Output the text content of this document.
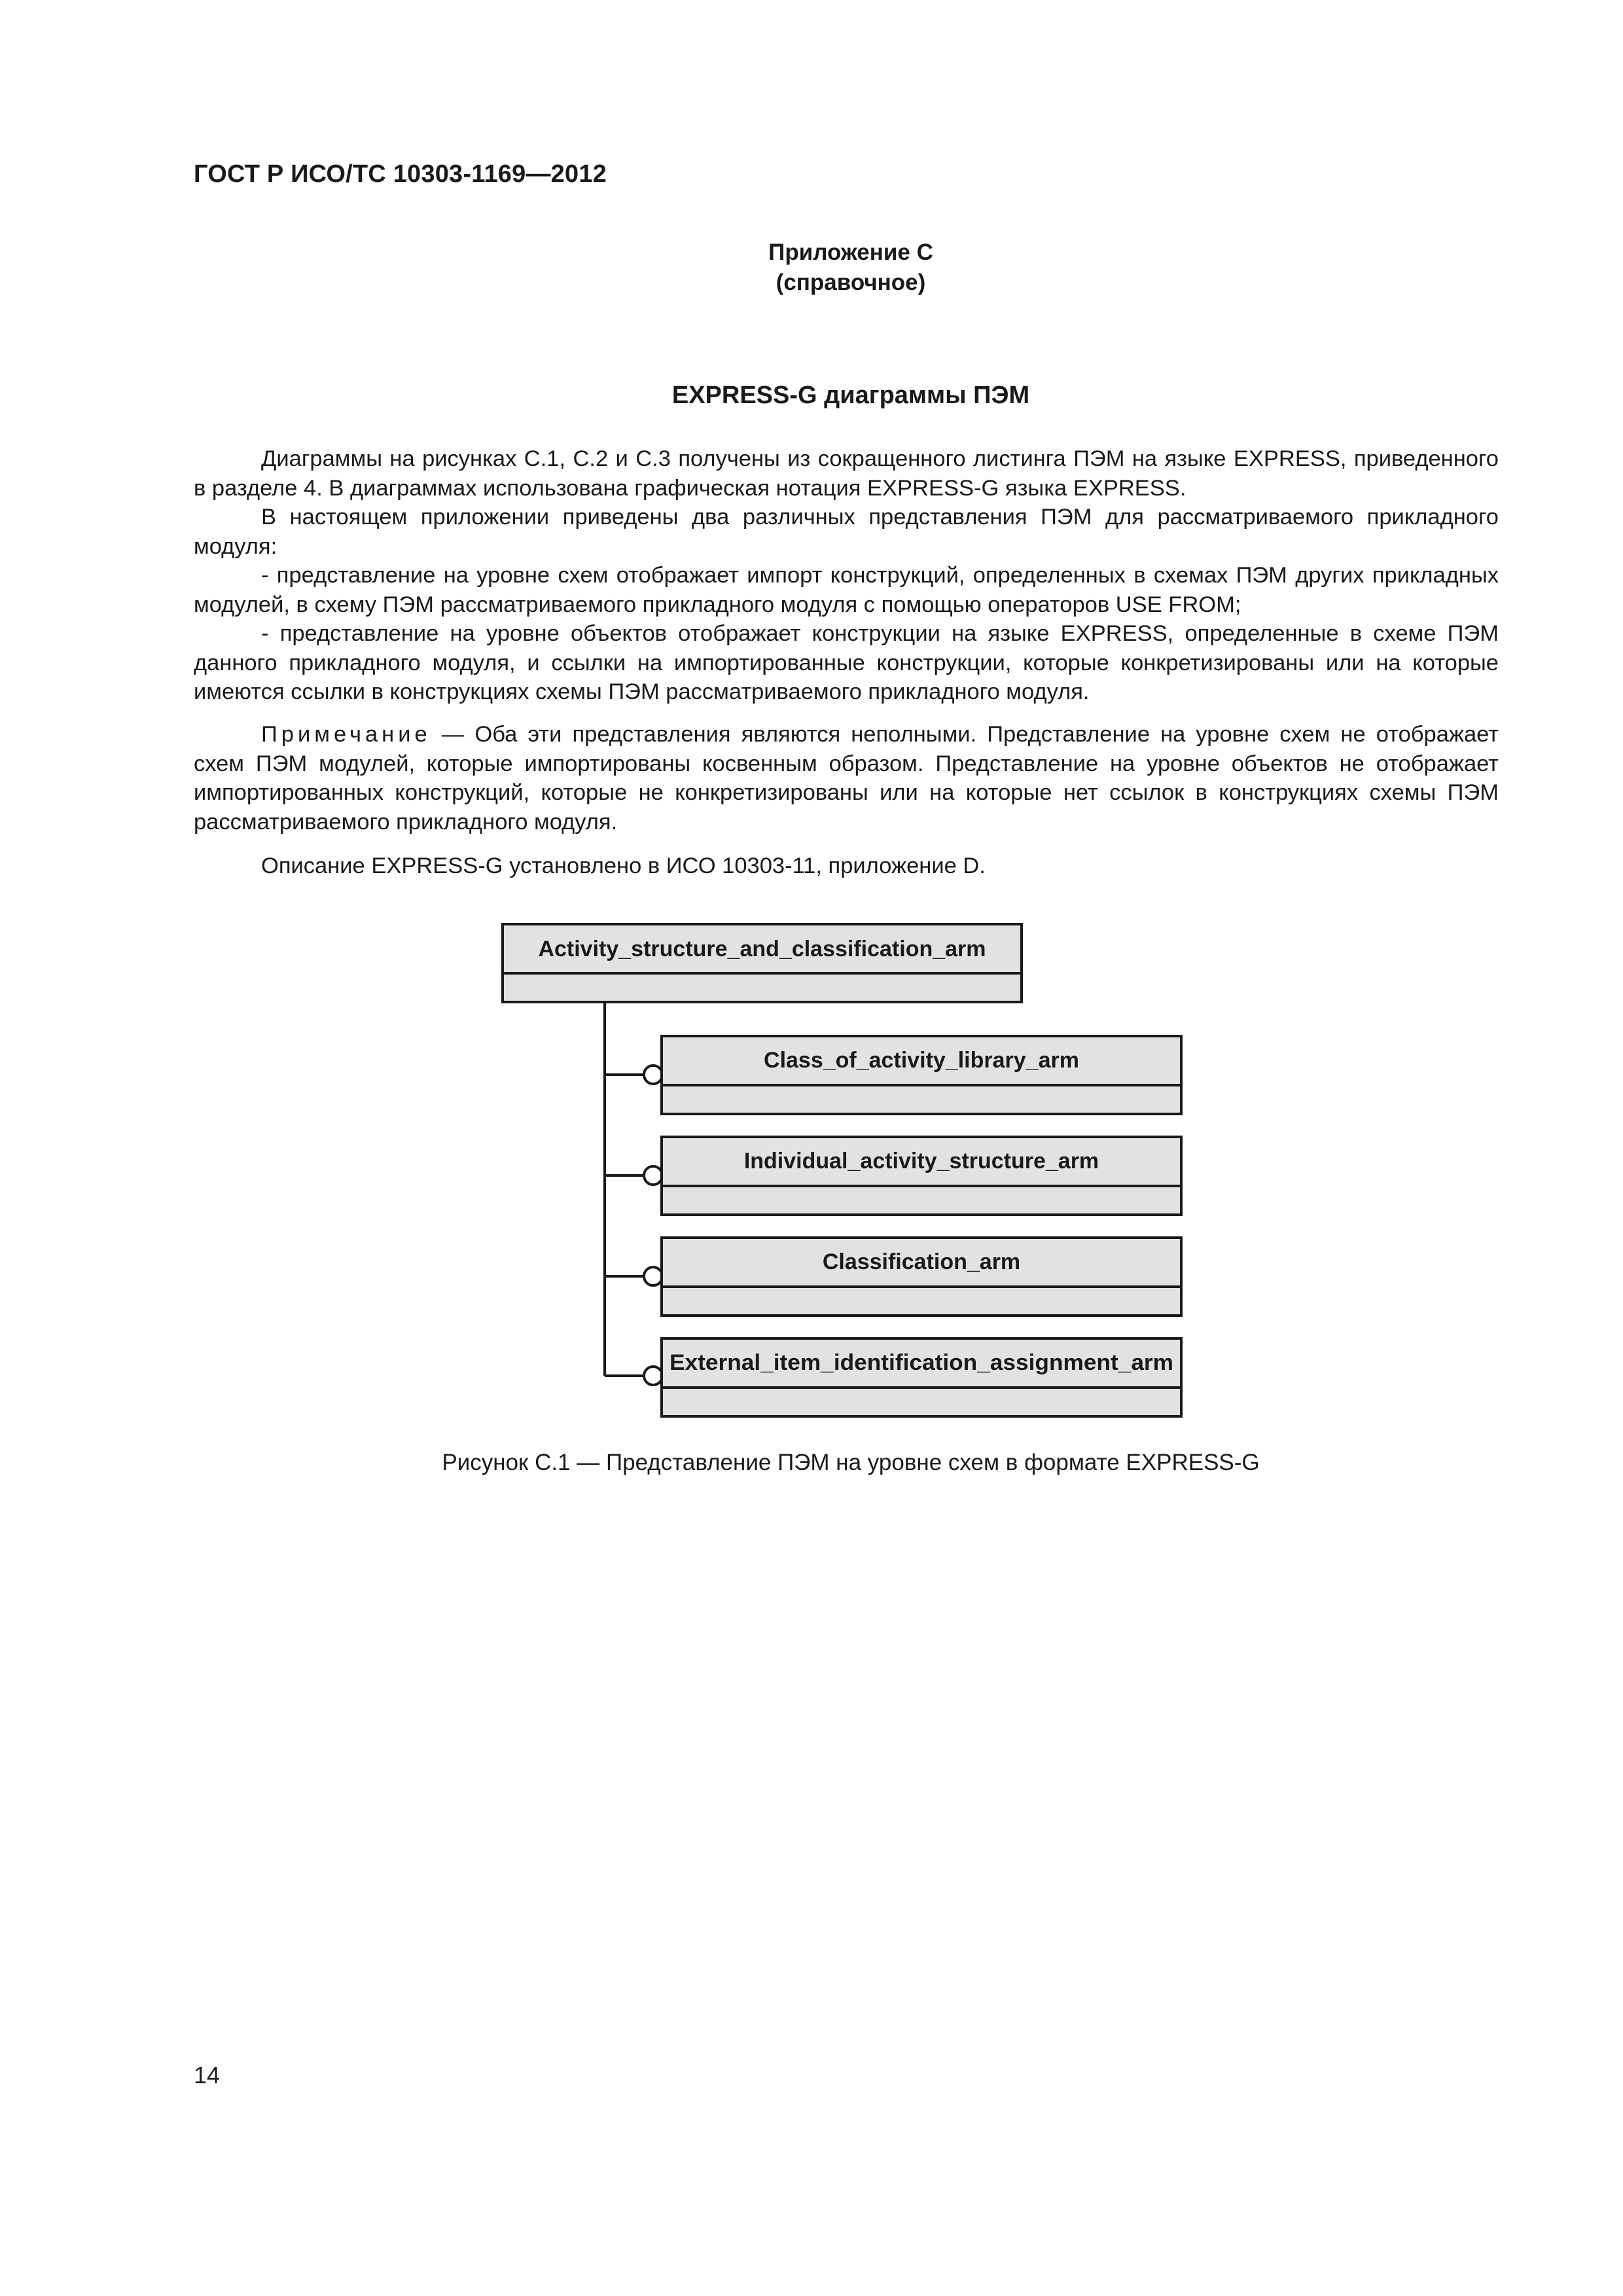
ГОСТ Р ИСО/ТС 10303-1169—2012
Приложение С
(справочное)
EXPRESS-G диаграммы ПЭМ
Диаграммы на рисунках С.1, С.2 и С.3 получены из сокращенного листинга ПЭМ на языке EXPRESS, приведенного в разделе 4. В диаграммах использована графическая нотация EXPRESS-G языка EXPRESS.
В настоящем приложении приведены два различных представления ПЭМ для рассматриваемого прикладного модуля:
- представление на уровне схем отображает импорт конструкций, определенных в схемах ПЭМ других прикладных модулей, в схему ПЭМ рассматриваемого прикладного модуля с помощью операторов USE FROM;
- представление на уровне объектов отображает конструкции на языке EXPRESS, определенные в схеме ПЭМ данного прикладного модуля, и ссылки на импортированные конструкции, которые конкретизированы или на которые имеются ссылки в конструкциях схемы ПЭМ рассматриваемого прикладного модуля.
Примечание — Оба эти представления являются неполными. Представление на уровне схем не отображает схем ПЭМ модулей, которые импортированы косвенным образом. Представление на уровне объектов не отображает импортированных конструкций, которые не конкретизированы или на которые нет ссылок в конструкциях схемы ПЭМ рассматриваемого прикладного модуля.
Описание EXPRESS-G установлено в ИСО 10303-11, приложение D.
Activity_structure_and_classification_arm
Class_of_activity_library_arm
Individual_activity_structure_arm
Classification_arm
External_item_identification_assignment_arm
Рисунок С.1 — Представление ПЭМ на уровне схем в формате EXPRESS-G
14
